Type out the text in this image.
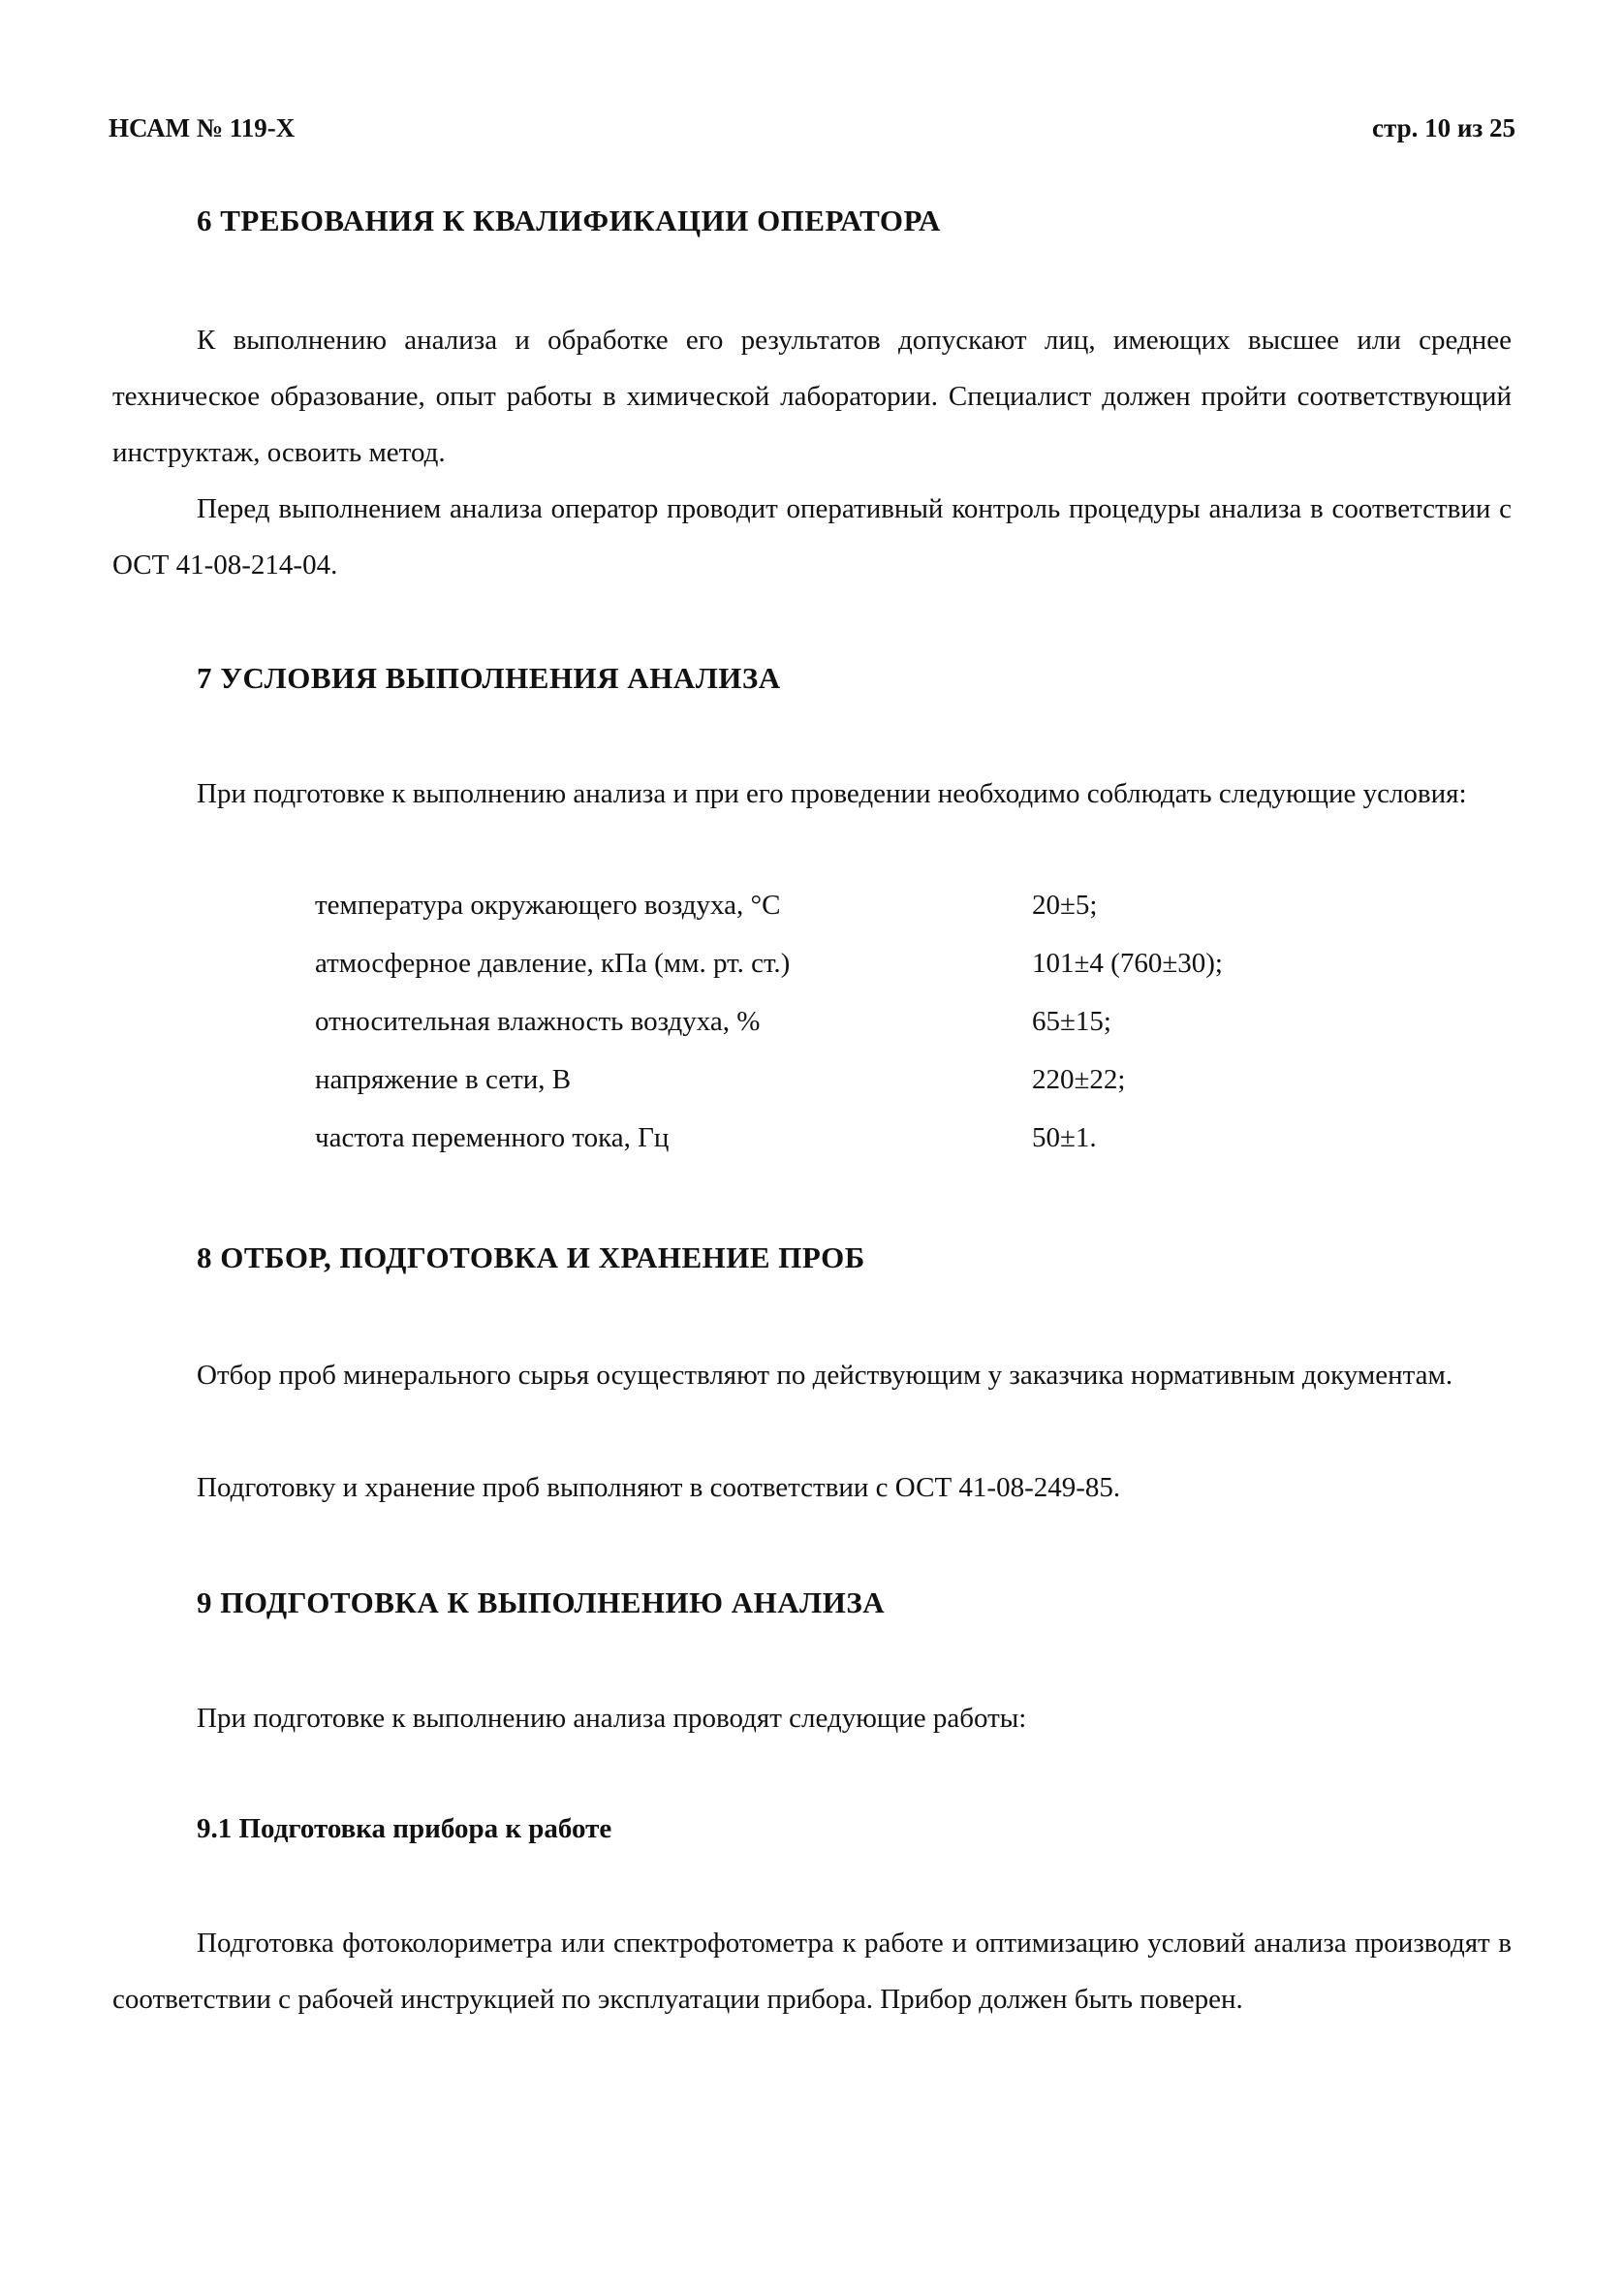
НСАМ № 119-Х	стр. 10 из 25
6 ТРЕБОВАНИЯ К КВАЛИФИКАЦИИ ОПЕРАТОРА

К выполнению анализа и обработке его результатов допускают лиц, имеющих высшее или среднее техническое образование, опыт работы в химической лаборатории. Специалист должен пройти соответствующий инструктаж, освоить метод.

Перед выполнением анализа оператор проводит оперативный контроль процедуры анализа в соответствии с ОСТ 41-08-214-04.

7 УСЛОВИЯ ВЫПОЛНЕНИЯ АНАЛИЗА

При подготовке к выполнению анализа и при его проведении необходимо соблюдать следующие условия:

температура окружающего воздуха, °С	20±5;
атмосферное давление, кПа (мм. рт. ст.)	101±4 (760±30);
относительная влажность воздуха, %	65±15;
напряжение в сети, В	220±22;
частота переменного тока, Гц	50±1.
8 ОТБОР, ПОДГОТОВКА И ХРАНЕНИЕ ПРОБ

Отбор проб минерального сырья осуществляют по действующим у заказчика нормативным документам.

Подготовку и хранение проб выполняют в соответствии с ОСТ 41-08-249-85.

9 ПОДГОТОВКА К ВЫПОЛНЕНИЮ АНАЛИЗА

При подготовке к выполнению анализа проводят следующие работы:

9.1 Подготовка прибора к работе

Подготовка фотоколориметра или спектрофотометра к работе и оптимизацию условий анализа производят в соответствии с рабочей инструкцией по эксплуатации прибора. Прибор должен быть поверен.
